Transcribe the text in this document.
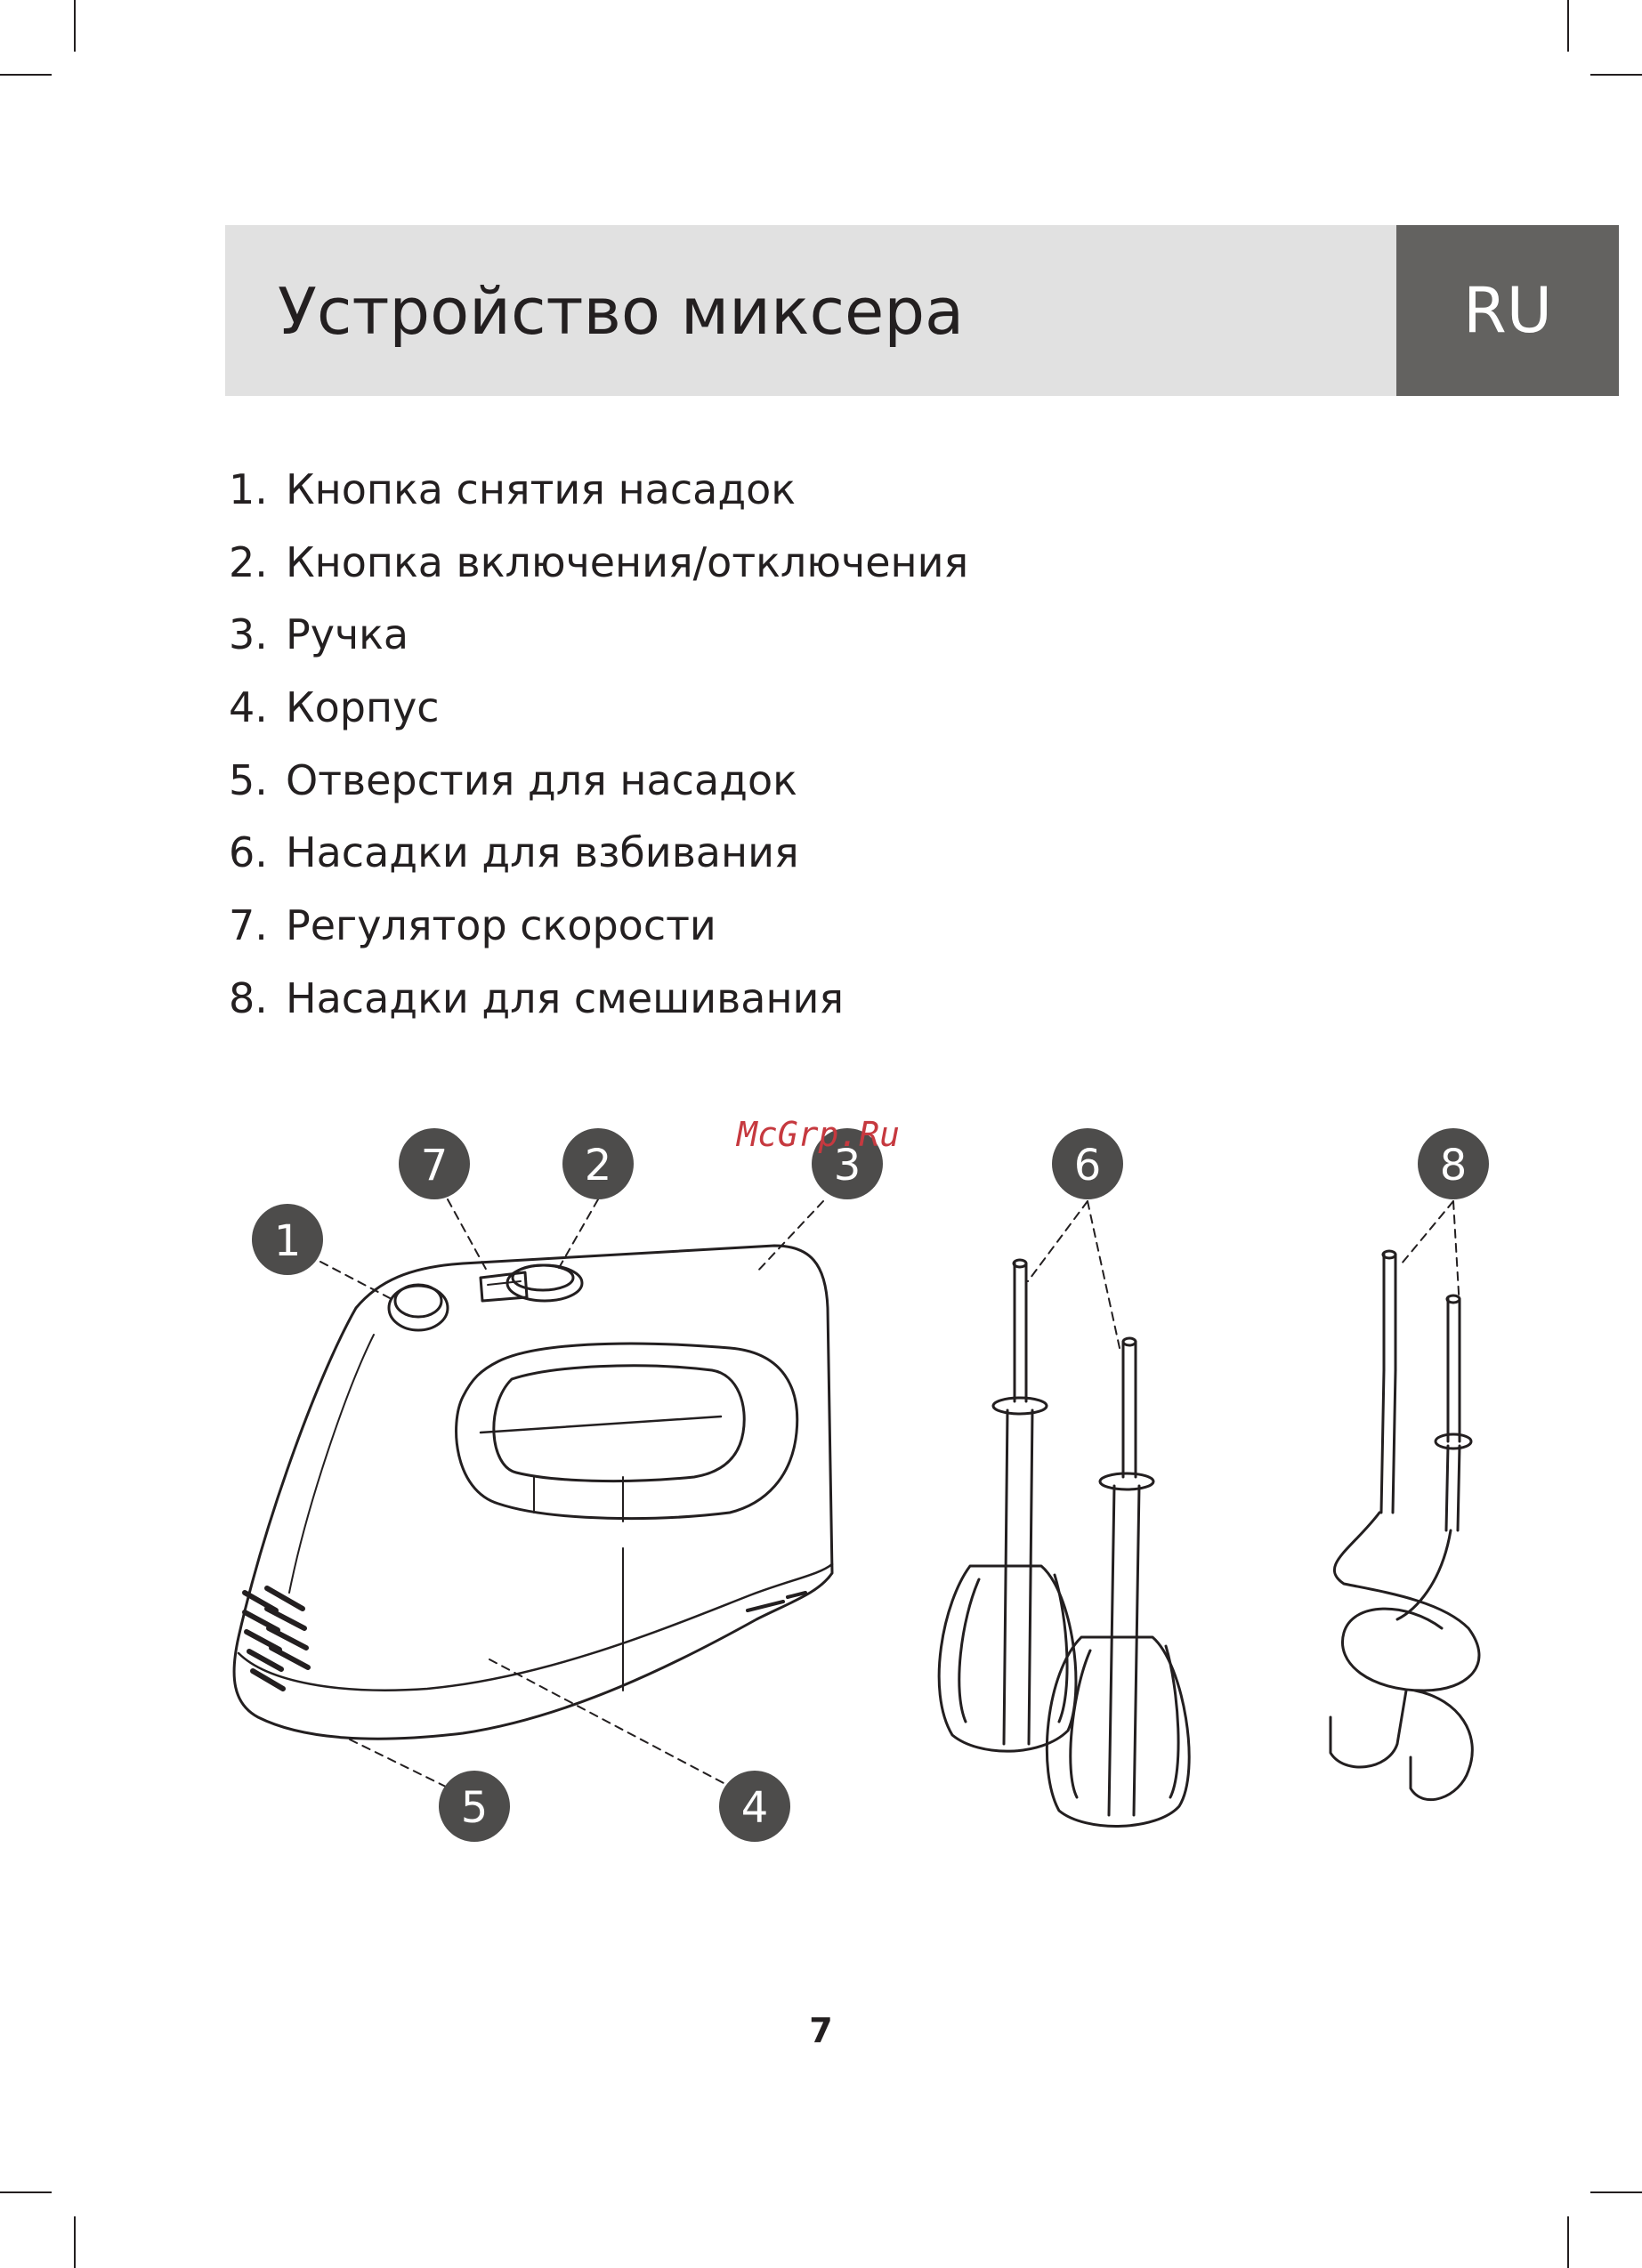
Устройство миксера	RU
1. Кнопка снятия насадок
2. Кнопка включения/отключения
3. Ручка
4. Корпус
5. Отверстия для насадок
6. Насадки для взбивания
7. Регулятор скорости
8. Насадки для смешивания
7	2	3	6	8
1
5	4
McGrp.Ru
7
